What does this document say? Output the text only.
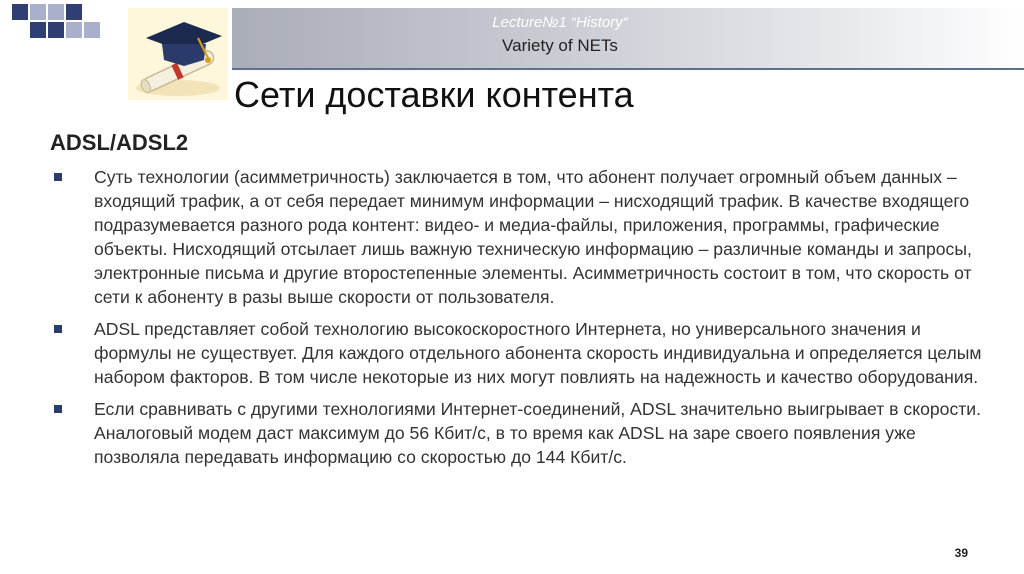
Lecture№1 “History“
Variety of NETs
Сети доставки контента
ADSL/ADSL2
Суть технологии (асимметричность) заключается в том, что абонент получает огромный объем данных – входящий трафик, а от себя передает минимум информации – нисходящий трафик. В качестве входящего подразумевается разного рода контент: видео- и медиа-файлы, приложения, программы, графические объекты. Нисходящий отсылает лишь важную техническую информацию – различные команды и запросы, электронные письма и другие второстепенные элементы. Асимметричность состоит в том, что скорость от сети к абоненту в разы выше скорости от пользователя.
ADSL представляет собой технологию высокоскоростного Интернета, но универсального значения и формулы не существует. Для каждого отдельного абонента скорость индивидуальна и определяется целым набором факторов. В том числе некоторые из них могут повлиять на надежность и качество оборудования.
Если сравнивать с другими технологиями Интернет-соединений, ADSL значительно выигрывает в скорости. Аналоговый модем даст максимум до 56 Кбит/с, в то время как ADSL на заре своего появления уже позволяла передавать информацию со скоростью до 144 Кбит/с.
39
